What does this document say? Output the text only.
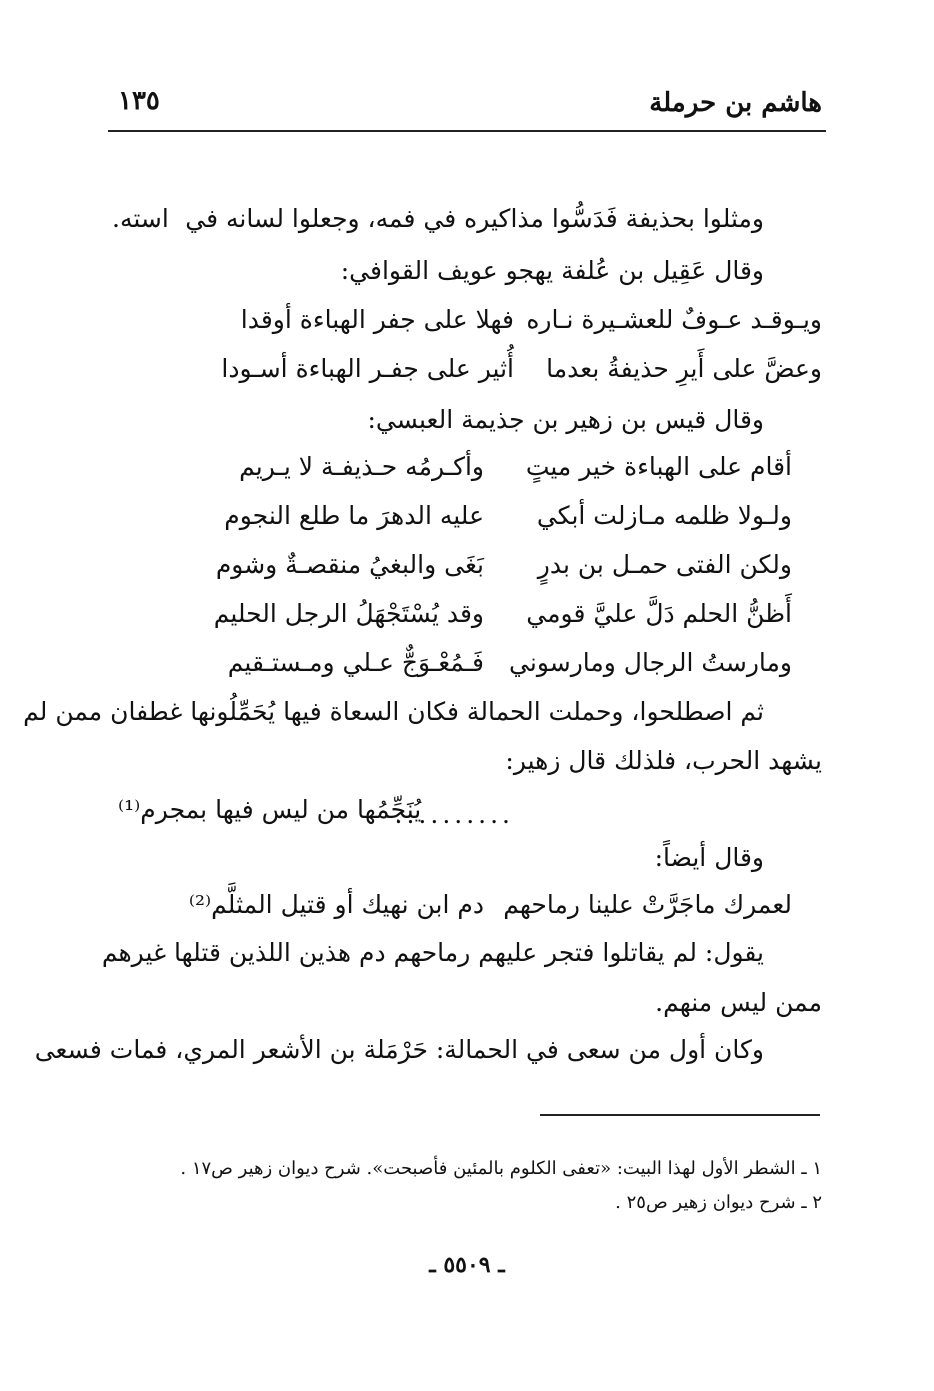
هاشم بن حرملة
١٣٥
ومثلوا بحذيفة فَدَسُّوا مذاكيره في فمه، وجعلوا لسانه في
استه.
وقال عَقِيل بن عُلفة يهجو عويف القوافي:
ويـوقـد عـوفٌ للعشـيرة نـاره
فهلا على جفر الهباءة أوقدا
وعضَّ على أَيرِ حذيفةُ بعدما
أُثير على جفـر الهباءة أسـودا
وقال قيس بن زهير بن جذيمة العبسي:
أقام على الهباءة خير ميتٍ
وأكـرمُه حـذيفـة لا يـريم
ولـولا ظلمه مـازلت أبكي
عليه الدهرَ ما طلع النجوم
ولكن الفتى حمـل بن بدرٍ
بَغَى والبغيُ منقصـةٌ وشوم
أَظنُّ الحلم دَلَّ عليَّ قومي
وقد يُسْتَجْهَلُ الرجل الحليم
ومارستُ الرجال ومارسوني
فَـمُعْـوَجٌّ عـلي ومـستـقيم
ثم اصطلحوا، وحملت الحمالة فكان السعاة فيها يُحَمِّلُونها غطفان ممن لم
يشهد الحرب، فلذلك قال زهير:
يُنَجِّمُها من ليس فيها بمجرم⁽¹⁾
..........
وقال أيضاً:
لعمرك ماجَرَّتْ علينا رماحهم
دم ابن نهيك أو قتيل المثلَّم⁽²⁾
يقول: لم يقاتلوا فتجر عليهم رماحهم دم هذين اللذين قتلها غيرهم
ممن ليس منهم.
وكان أول من سعى في الحمالة: حَرْمَلة بن الأشعر المري، فمات فسعى
١ ـ الشطر الأول لهذا البيت: «تعفى الكلوم بالمئين فأصبحت». شرح ديوان زهير ص١٧ .
٢ ـ شرح ديوان زهير ص٢٥ .
ـ ٥٥٠٩ ـ
